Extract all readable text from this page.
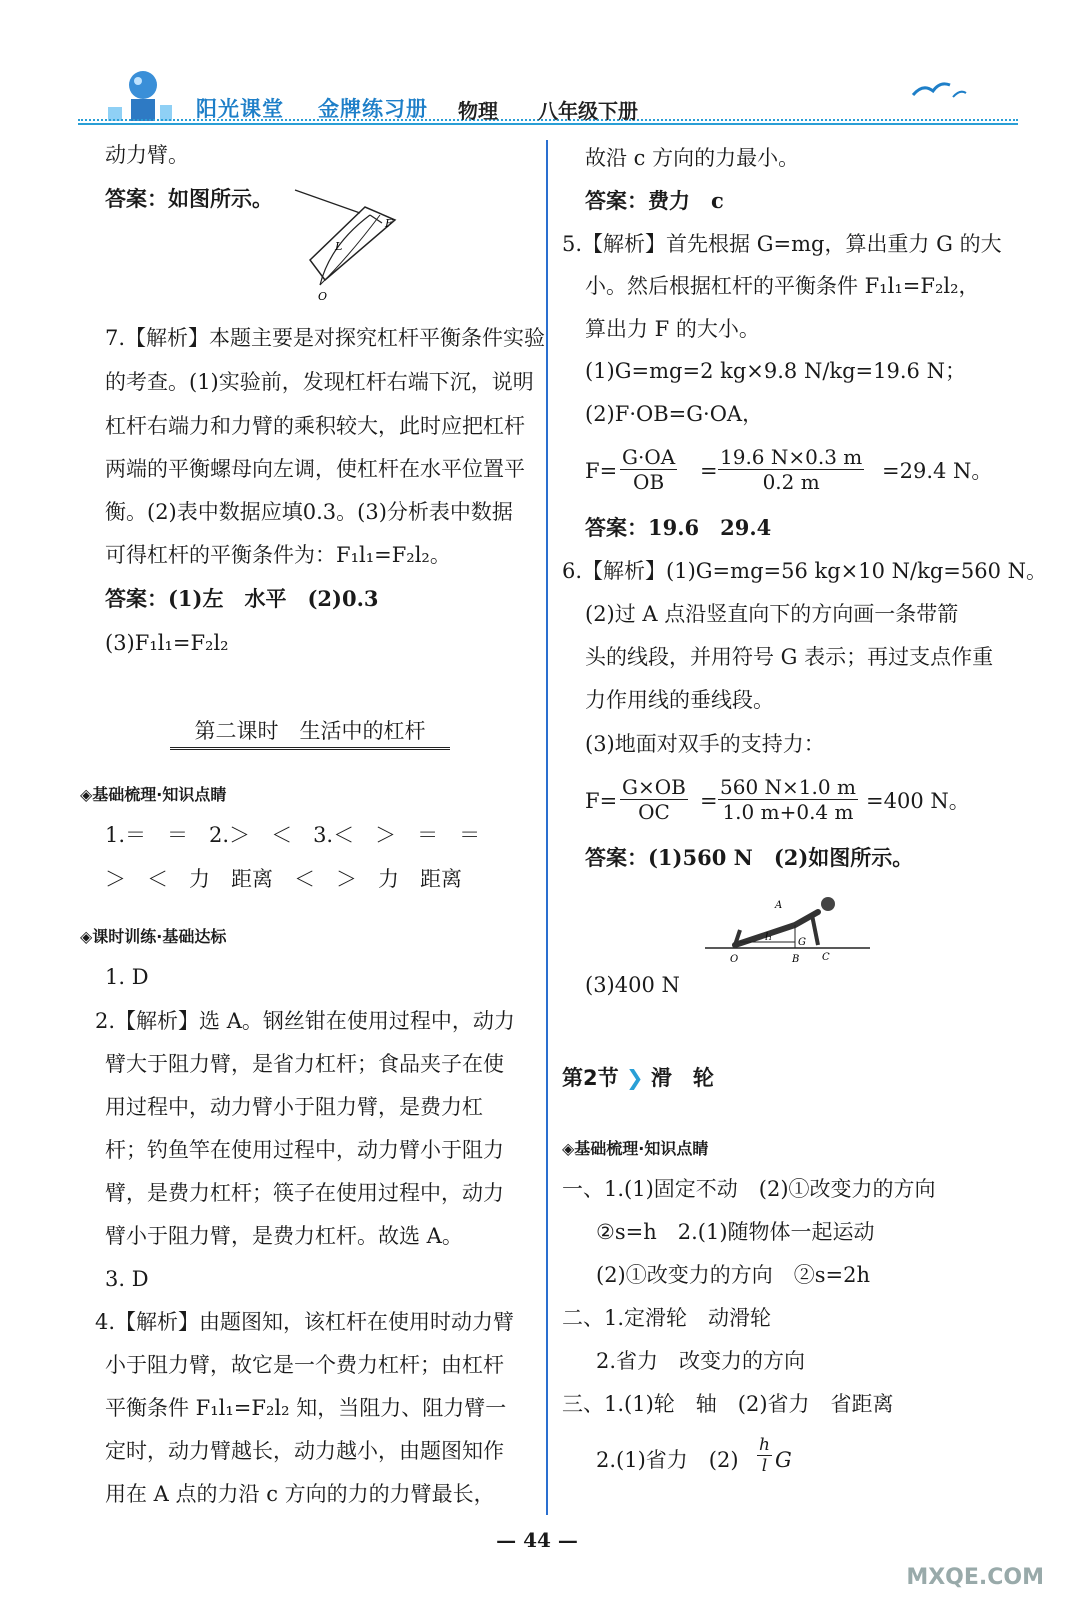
阳光课堂 金牌练习册 物理 八年级下册
动力臂。
答案：如图所示。
F
L
O
7.【解析】本题主要是对探究杠杆平衡条件实验
的考查。(1)实验前，发现杠杆右端下沉，说明
杠杆右端力和力臂的乘积较大，此时应把杠杆
两端的平衡螺母向左调，使杠杆在水平位置平
衡。(2)表中数据应填0.3。(3)分析表中数据
可得杠杆的平衡条件为：F₁l₁=F₂l₂。
答案：(1)左　水平　(2)0.3
(3)F₁l₁=F₂l₂
第二课时　生活中的杠杆
◈基础梳理·知识点睛
1.＝　＝　2.＞　＜　3.＜　＞　＝　＝
＞　＜　力　距离　＜　＞　力　距离
◈课时训练·基础达标
1. D
2.【解析】选 A。钢丝钳在使用过程中，动力
臂大于阻力臂，是省力杠杆；食品夹子在使
用过程中，动力臂小于阻力臂，是费力杠
杆；钓鱼竿在使用过程中，动力臂小于阻力
臂，是费力杠杆；筷子在使用过程中，动力
臂小于阻力臂，是费力杠杆。故选 A。
3. D
4.【解析】由题图知，该杠杆在使用时动力臂
小于阻力臂，故它是一个费力杠杆；由杠杆
平衡条件 F₁l₁=F₂l₂ 知，当阻力、阻力臂一
定时，动力臂越长，动力越小，由题图知作
用在 A 点的力沿 c 方向的力的力臂最长，
故沿 c 方向的力最小。
答案：费力　c
5.【解析】首先根据 G=mg，算出重力 G 的大
小。然后根据杠杆的平衡条件 F₁l₁=F₂l₂，
算出力 F 的大小。
(1)G=mg=2 kg×9.8 N/kg=19.6 N；
(2)F·OB=G·OA，
$F= \frac{G\cdot OA}{OB} = \frac{19.6 N\times 0.3 m}{0.2 m} =29.4$ N。
答案：19.6　29.4
6.【解析】(1)G=mg=56 kg×10 N/kg=560 N。
(2)过 A 点沿竖直向下的方向画一条带箭
头的线段，并用符号 G 表示；再过支点作重
力作用线的垂线段。
(3)地面对双手的支持力：
$F= \frac{G\times OB}{OC} = \frac{560 N\times 1.0 m}{1.0 m+0.4 m} =400$ N。
答案：(1)560 N　(2)如图所示。
A
l₁	G
O	B C
(3)400 N
第2节 ❯ 滑　轮
◈基础梳理·知识点睛
一、1.(1)固定不动　(2)①改变力的方向
②s=h　2.(1)随物体一起运动
(2)①改变力的方向　②s=2h
二、1.定滑轮　动滑轮
2.省力　改变力的方向
三、1.(1)轮　轴　(2)省力　省距离
2.(1)省力　$(2) \frac{h}{l}$ G
— 44 —
MXQE.COM
